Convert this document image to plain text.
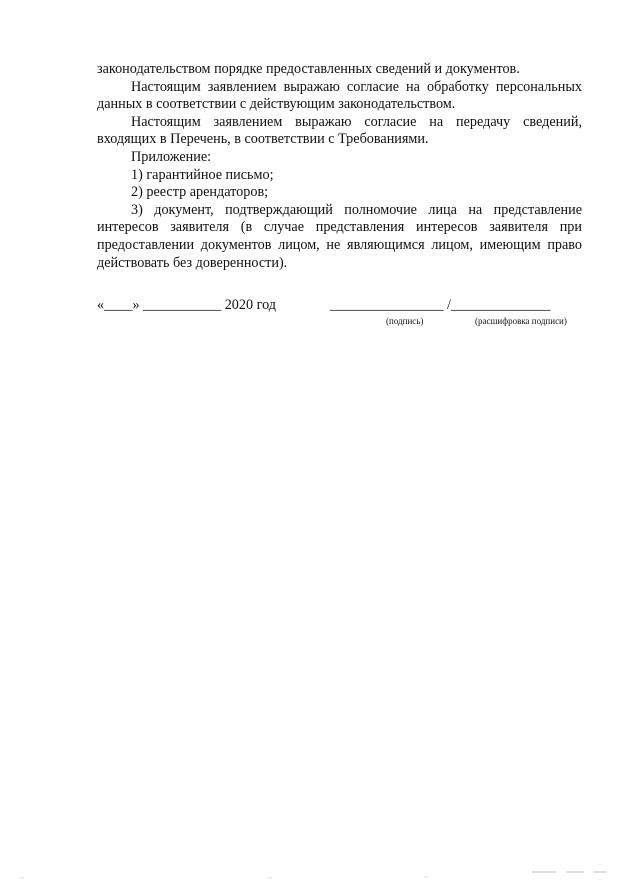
законодательством порядке предоставленных сведений и документов.

Настоящим заявлением выражаю согласие на обработку персональных данных в соответствии с действующим законодательством.

Настоящим заявлением выражаю согласие на передачу сведений, входящих в Перечень, в соответствии с Требованиями.

Приложение:

1) гарантийное письмо;

2) реестр арендаторов;

3) документ, подтверждающий полномочие лица на представление интересов заявителя (в случае представления интересов заявителя при предоставлении документов лицом, не являющимся лицом, имеющим право действовать без доверенности).

«____» ___________ 2020 год	________________ /______________
(подпись)	(расшифровка подписи)
